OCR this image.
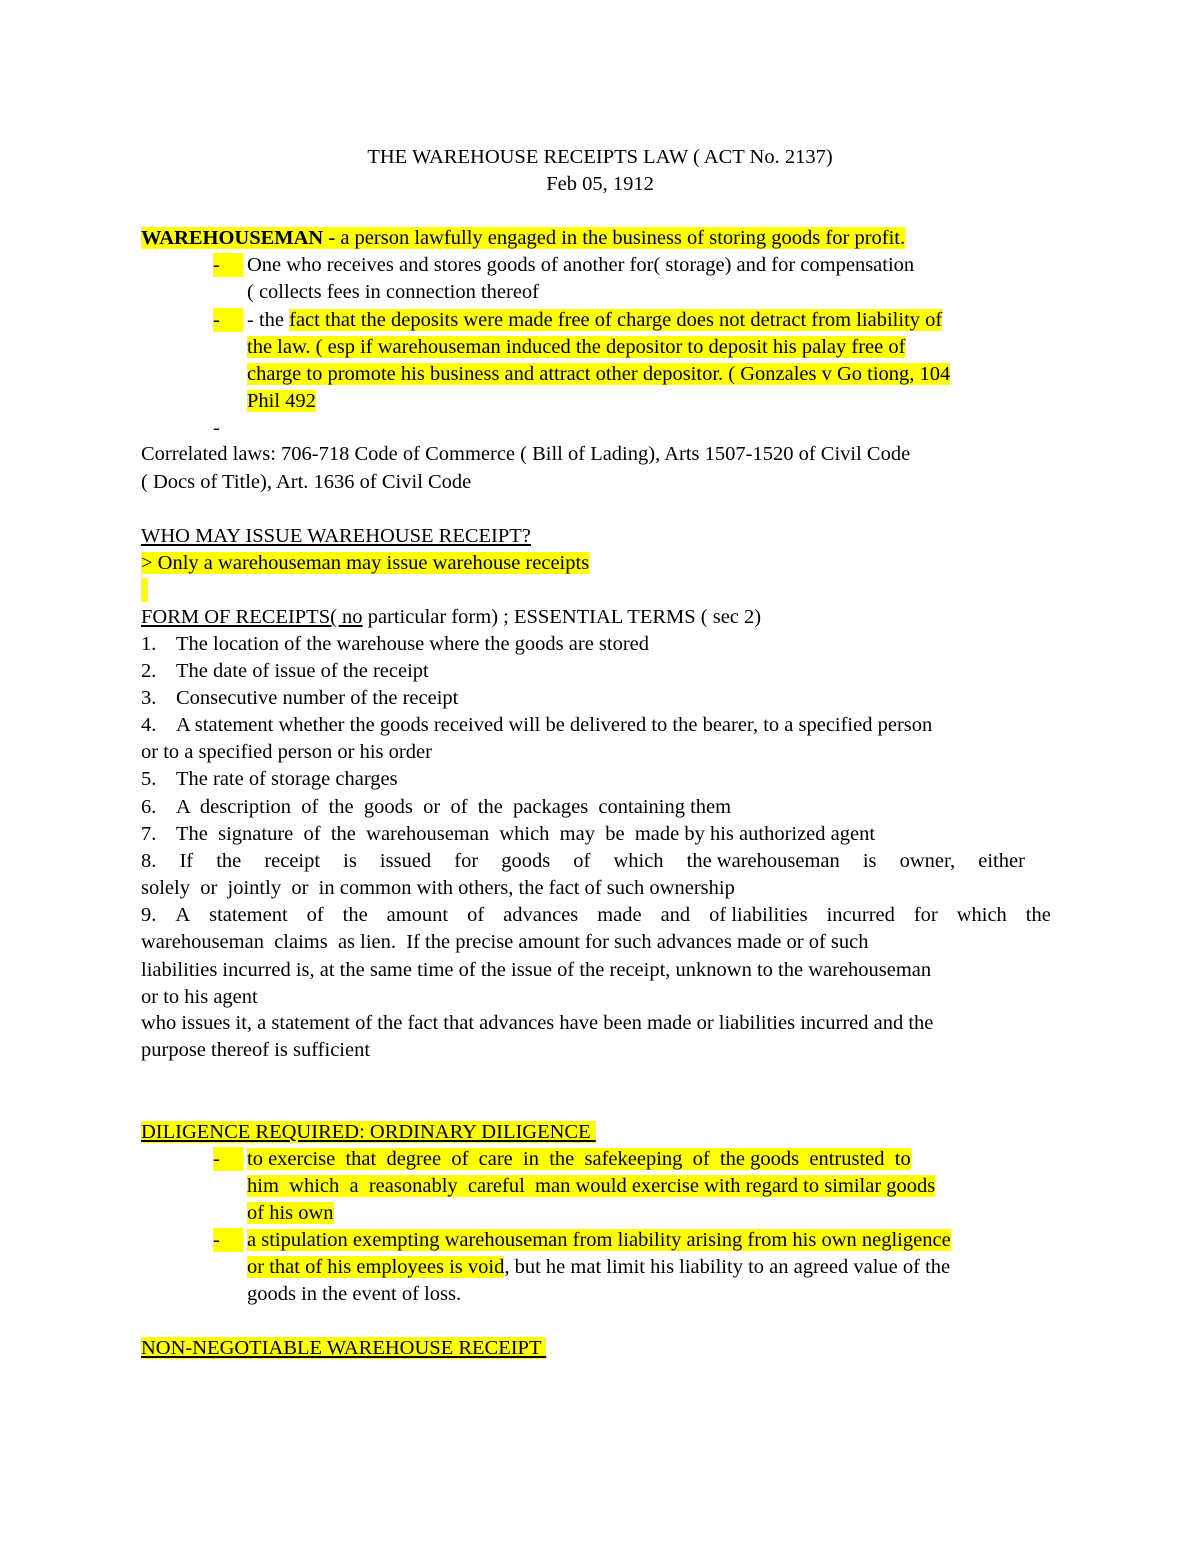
THE WAREHOUSE RECEIPTS LAW ( ACT No. 2137)
Feb 05, 1912
WAREHOUSEMAN - a person lawfully engaged in the business of storing goods for profit.
-	One who receives and stores goods of another for( storage) and for compensation
( collects fees in connection thereof
-	- the fact that the deposits were made free of charge does not detract from liability of
the law. ( esp if warehouseman induced the depositor to deposit his palay free of
charge to promote his business and attract other depositor. ( Gonzales v Go tiong, 104
Phil 492
-
Correlated laws: 706-718 Code of Commerce ( Bill of Lading), Arts 1507-1520 of Civil Code
( Docs of Title), Art. 1636 of Civil Code
WHO MAY ISSUE WAREHOUSE RECEIPT?
> Only a warehouseman may issue warehouse receipts
FORM OF RECEIPTS( no particular form) ; ESSENTIAL TERMS ( sec 2)
1. The location of the warehouse where the goods are stored
2. The date of issue of the receipt
3. Consecutive number of the receipt
4. A statement whether the goods received will be delivered to the bearer, to a specified person
or to a specified person or his order
5. The rate of storage charges
6. A  description  of  the  goods  or  of  the  packages  containing them
7. The  signature  of  the  warehouseman  which  may  be  made by his authorized agent
8. If the receipt is issued for goods of which the warehouseman is owner, either
solely  or  jointly  or  in common with others, the fact of such ownership
9. A statement of the amount of advances made and of liabilities incurred for which the
warehouseman  claims  as lien.  If the precise amount for such advances made or of such
liabilities incurred is, at the same time of the issue of the receipt, unknown to the warehouseman
or to his agent
who issues it, a statement of the fact that advances have been made or liabilities incurred and the
purpose thereof is sufficient
DILIGENCE REQUIRED: ORDINARY DILIGENCE
-	to exercise  that  degree  of  care  in  the  safekeeping  of  the goods  entrusted  to
him  which  a  reasonably  careful  man would exercise with regard to similar goods
of his own
-	a stipulation exempting warehouseman from liability arising from his own negligence
or that of his employees is void, but he mat limit his liability to an agreed value of the
goods in the event of loss.
NON-NEGOTIABLE WAREHOUSE RECEIPT
